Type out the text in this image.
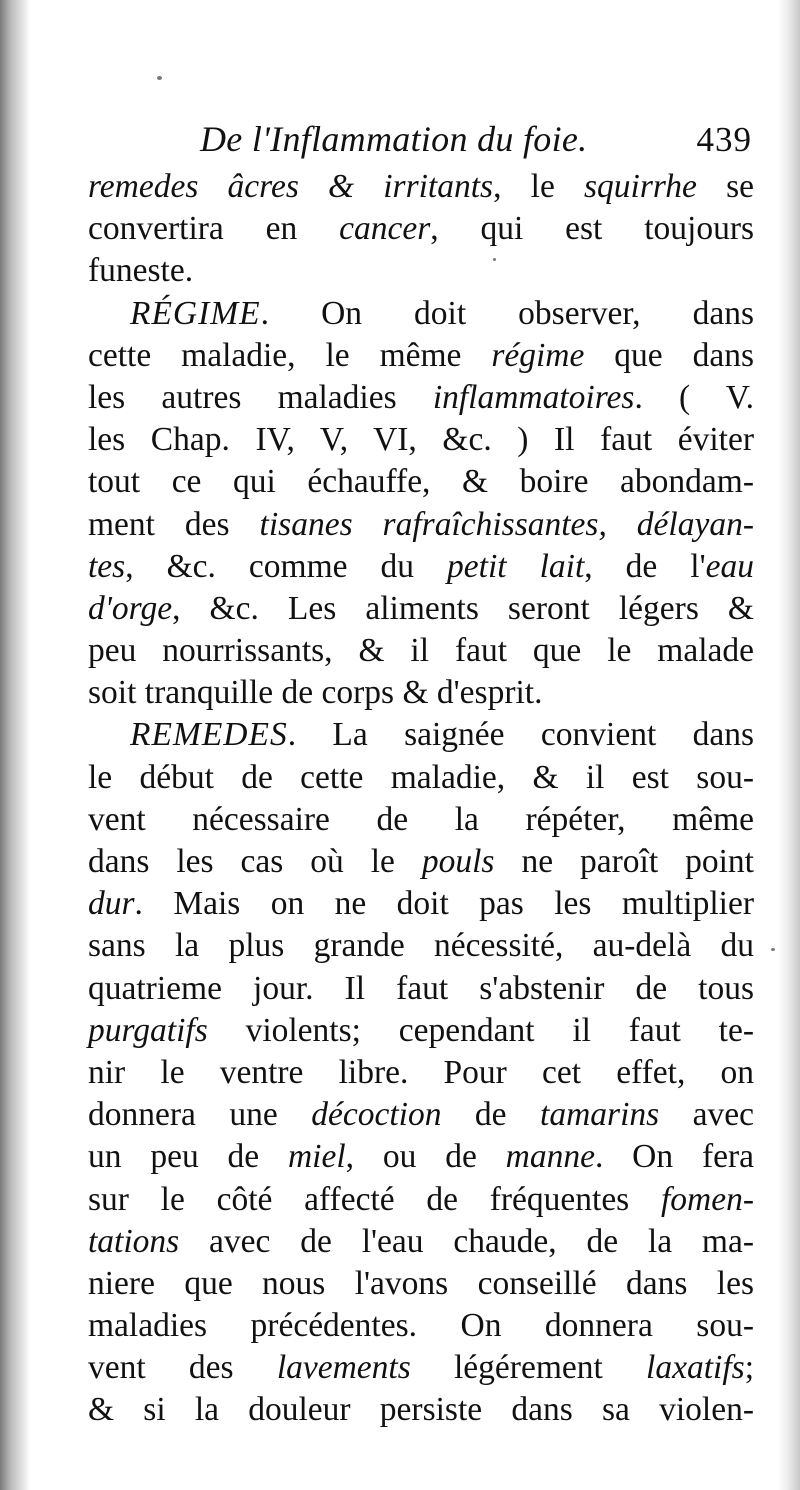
De l'Inflammation du foie.	439
remedes âcres & irritants, le squirrhe se
convertira en cancer, qui est toujours
funeste.
RÉGIME. On doit observer, dans
cette maladie, le même régime que dans
les autres maladies inflammatoires. ( V.
les Chap. IV, V, VI, &c. ) Il faut éviter
tout ce qui échauffe, & boire abondam-
ment des tisanes rafraîchissantes, délayan-
tes, &c. comme du petit lait, de l'eau
d'orge, &c. Les aliments seront légers &
peu nourrissants, & il faut que le malade
soit tranquille de corps & d'esprit.
REMEDES. La saignée convient dans
le début de cette maladie, & il est sou-
vent nécessaire de la répéter, même
dans les cas où le pouls ne paroît point
dur. Mais on ne doit pas les multiplier
sans la plus grande nécessité, au-delà du
quatrieme jour. Il faut s'abstenir de tous
purgatifs violents; cependant il faut te-
nir le ventre libre. Pour cet effet, on
donnera une décoction de tamarins avec
un peu de miel, ou de manne. On fera
sur le côté affecté de fréquentes fomen-
tations avec de l'eau chaude, de la ma-
niere que nous l'avons conseillé dans les
maladies précédentes. On donnera sou-
vent des lavements légérement laxatifs;
& si la douleur persiste dans sa violen-
